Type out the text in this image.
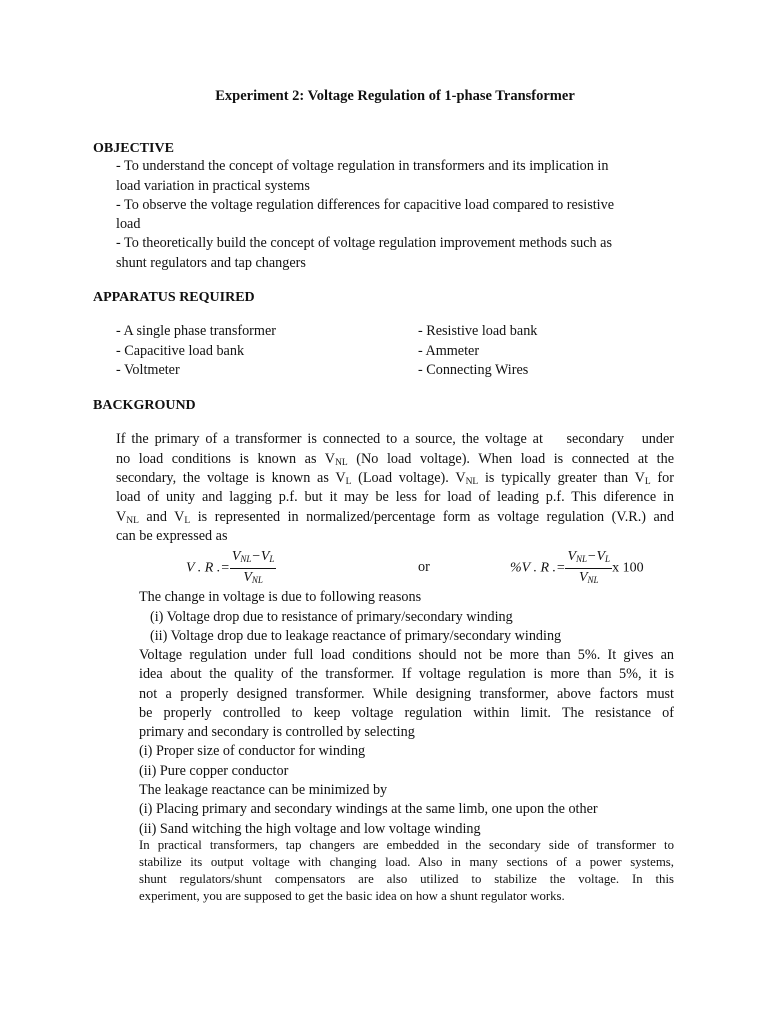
Experiment 2: Voltage Regulation of 1-phase Transformer
OBJECTIVE
- To understand the concept of voltage regulation in transformers and its implication in
load variation in practical systems
- To observe the voltage regulation differences for capacitive load compared to resistive
load
- To theoretically build the concept of voltage regulation improvement methods such as
shunt regulators and tap changers
APPARATUS REQUIRED
- A single phase transformer
- Capacitive load bank
- Voltmeter
- Resistive load bank
- Ammeter
- Connecting Wires
BACKGROUND
If the primary of a transformer is connected to a source, the voltage at    secondary   under
no load conditions is known as $V_{NL}$ (No load voltage). When load is connected at the
secondary, the voltage is known as $V_L$ (Load voltage). $V_{NL}$ is typically greater than $V_L$ for
load of unity and lagging p.f. but it may be less for load of leading p.f. This diference in
$V_{NL}$ and $V_L$ is represented in normalized/percentage form as voltage regulation (V.R.) and
can be expressed as
V . R .= $\frac{\text{VNL−VL}}{\text{VNL}}$	or	%V . R .= $\frac{\text{VNL−VL}}{\text{VNL}}$ x 100
The change in voltage is due to following reasons
(i) Voltage drop due to resistance of primary/secondary winding
(ii) Voltage drop due to leakage reactance of primary/secondary winding
Voltage regulation under full load conditions should not be more than 5%. It gives an
idea about the quality of the transformer. If voltage regulation is more than 5%, it is
not a properly designed transformer. While designing transformer, above factors must
be properly controlled to keep voltage regulation within limit. The resistance of
primary and secondary is controlled by selecting
(i) Proper size of conductor for winding
(ii) Pure copper conductor
The leakage reactance can be minimized by
(i) Placing primary and secondary windings at the same limb, one upon the other
(ii) Sand witching the high voltage and low voltage winding
In practical transformers, tap changers are embedded in the secondary side of transformer to
stabilize its output voltage with changing load. Also in many sections of a power systems,
shunt regulators/shunt compensators are also utilized to stabilize the voltage. In this
experiment, you are supposed to get the basic idea on how a shunt regulator works.
